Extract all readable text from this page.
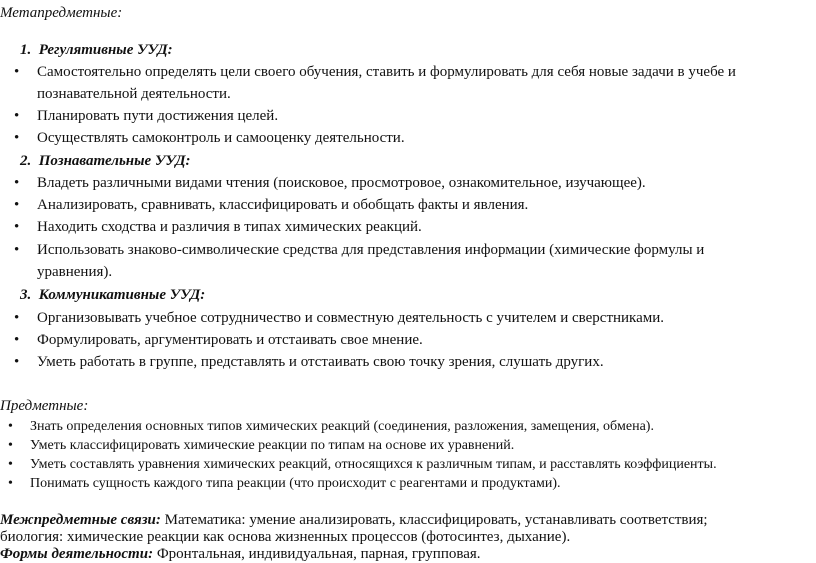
Метапредметные:
1. Регулятивные УУД:
• Самостоятельно определять цели своего обучения, ставить и формулировать для себя новые задачи в учебе и
познавательной деятельности.
• Планировать пути достижения целей.
• Осуществлять самоконтроль и самооценку деятельности.
2. Познавательные УУД:
• Владеть различными видами чтения (поисковое, просмотровое, ознакомительное, изучающее).
• Анализировать, сравнивать, классифицировать и обобщать факты и явления.
• Находить сходства и различия в типах химических реакций.
• Использовать знаково-символические средства для представления информации (химические формулы и
уравнения).
3. Коммуникативные УУД:
• Организовывать учебное сотрудничество и совместную деятельность с учителем и сверстниками.
• Формулировать, аргументировать и отстаивать свое мнение.
• Уметь работать в группе, представлять и отстаивать свою точку зрения, слушать других.
Предметные:
• Знать определения основных типов химических реакций (соединения, разложения, замещения, обмена).
• Уметь классифицировать химические реакции по типам на основе их уравнений.
• Уметь составлять уравнения химических реакций, относящихся к различным типам, и расставлять коэффициенты.
• Понимать сущность каждого типа реакции (что происходит с реагентами и продуктами).
Межпредметные связи: Математика: умение анализировать, классифицировать, устанавливать соответствия;
биология: химические реакции как основа жизненных процессов (фотосинтез, дыхание).
Формы деятельности: Фронтальная, индивидуальная, парная, групповая.
